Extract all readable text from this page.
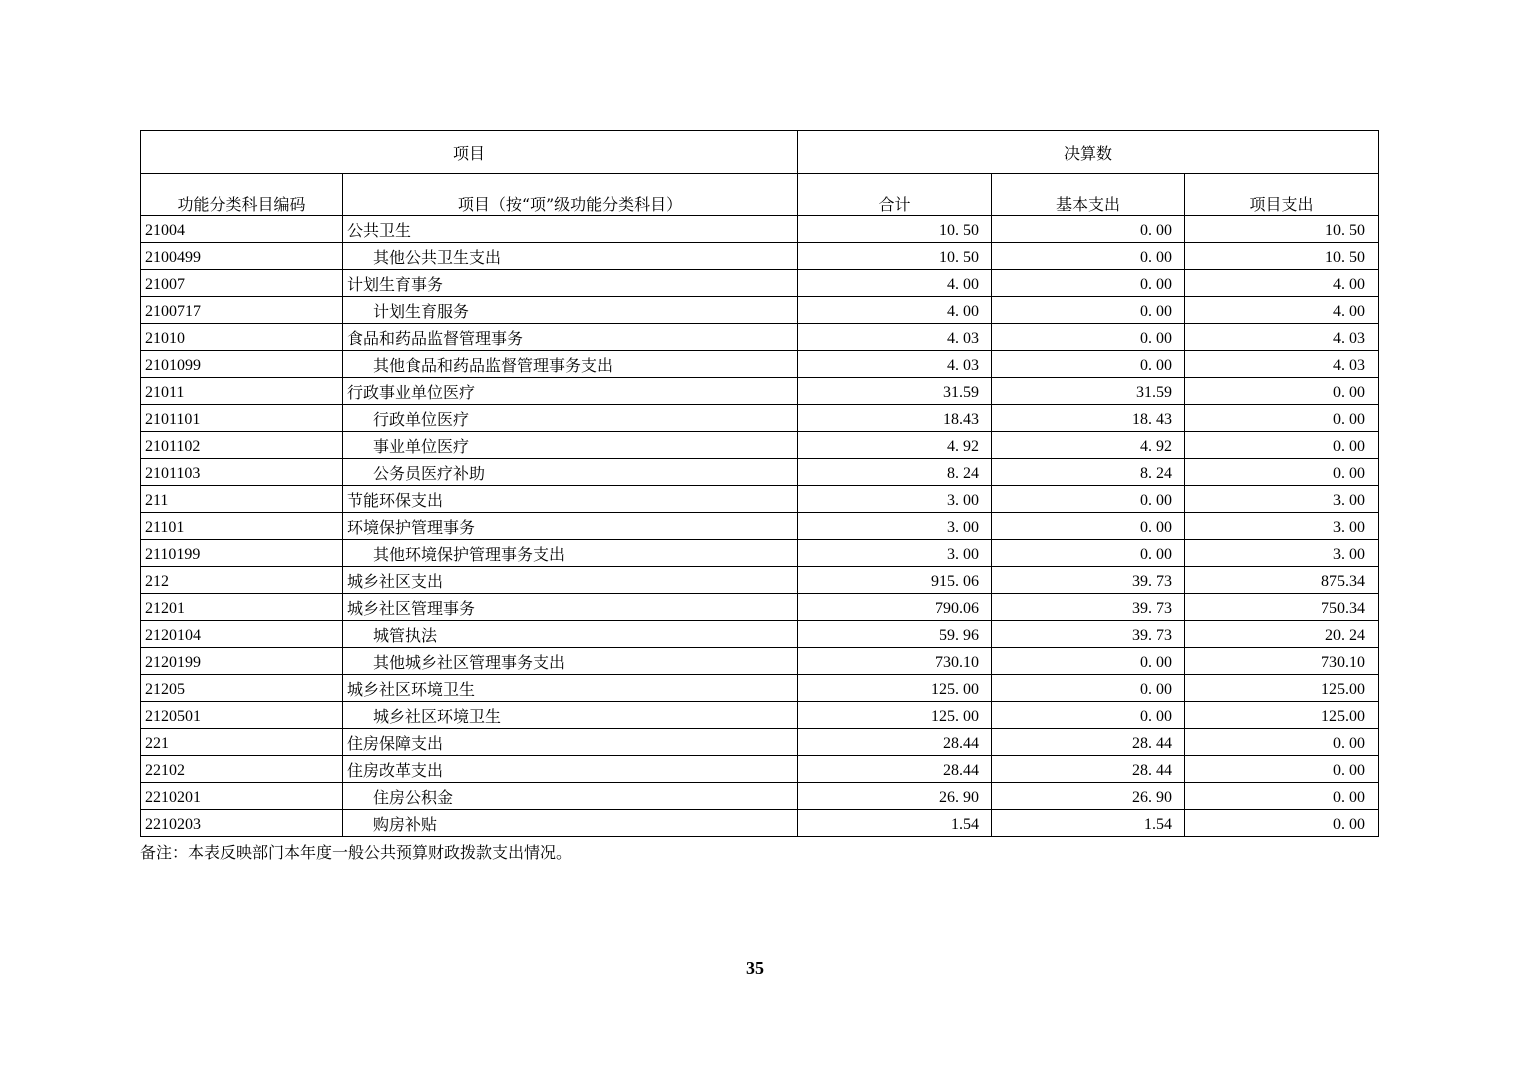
项目		决算数		
功能分类科目编码	项目（按“项”级功能分类科目）	合计	基本支出	项目支出
21004	公共卫生	10. 50	0. 00	10. 50
2100499	其他公共卫生支出	10. 50	0. 00	10. 50
21007	计划生育事务	4. 00	0. 00	4. 00
2100717	计划生育服务	4. 00	0. 00	4. 00
21010	食品和药品监督管理事务	4. 03	0. 00	4. 03
2101099	其他食品和药品监督管理事务支出	4. 03	0. 00	4. 03
21011	行政事业单位医疗	31.59	31.59	0. 00
2101101	行政单位医疗	18.43	18. 43	0. 00
2101102	事业单位医疗	4. 92	4. 92	0. 00
2101103	公务员医疗补助	8. 24	8. 24	0. 00
211	节能环保支出	3. 00	0. 00	3. 00
21101	环境保护管理事务	3. 00	0. 00	3. 00
2110199	其他环境保护管理事务支出	3. 00	0. 00	3. 00
212	城乡社区支出	915. 06	39. 73	875.34
21201	城乡社区管理事务	790.06	39. 73	750.34
2120104	城管执法	59. 96	39. 73	20. 24
2120199	其他城乡社区管理事务支出	730.10	0. 00	730.10
21205	城乡社区环境卫生	125. 00	0. 00	125.00
2120501	城乡社区环境卫生	125. 00	0. 00	125.00
221	住房保障支出	28.44	28. 44	0. 00
22102	住房改革支出	28.44	28. 44	0. 00
2210201	住房公积金	26. 90	26. 90	0. 00
2210203	购房补贴	1.54	1.54	0. 00
备注：本表反映部门本年度一般公共预算财政拨款支出情况。
35
